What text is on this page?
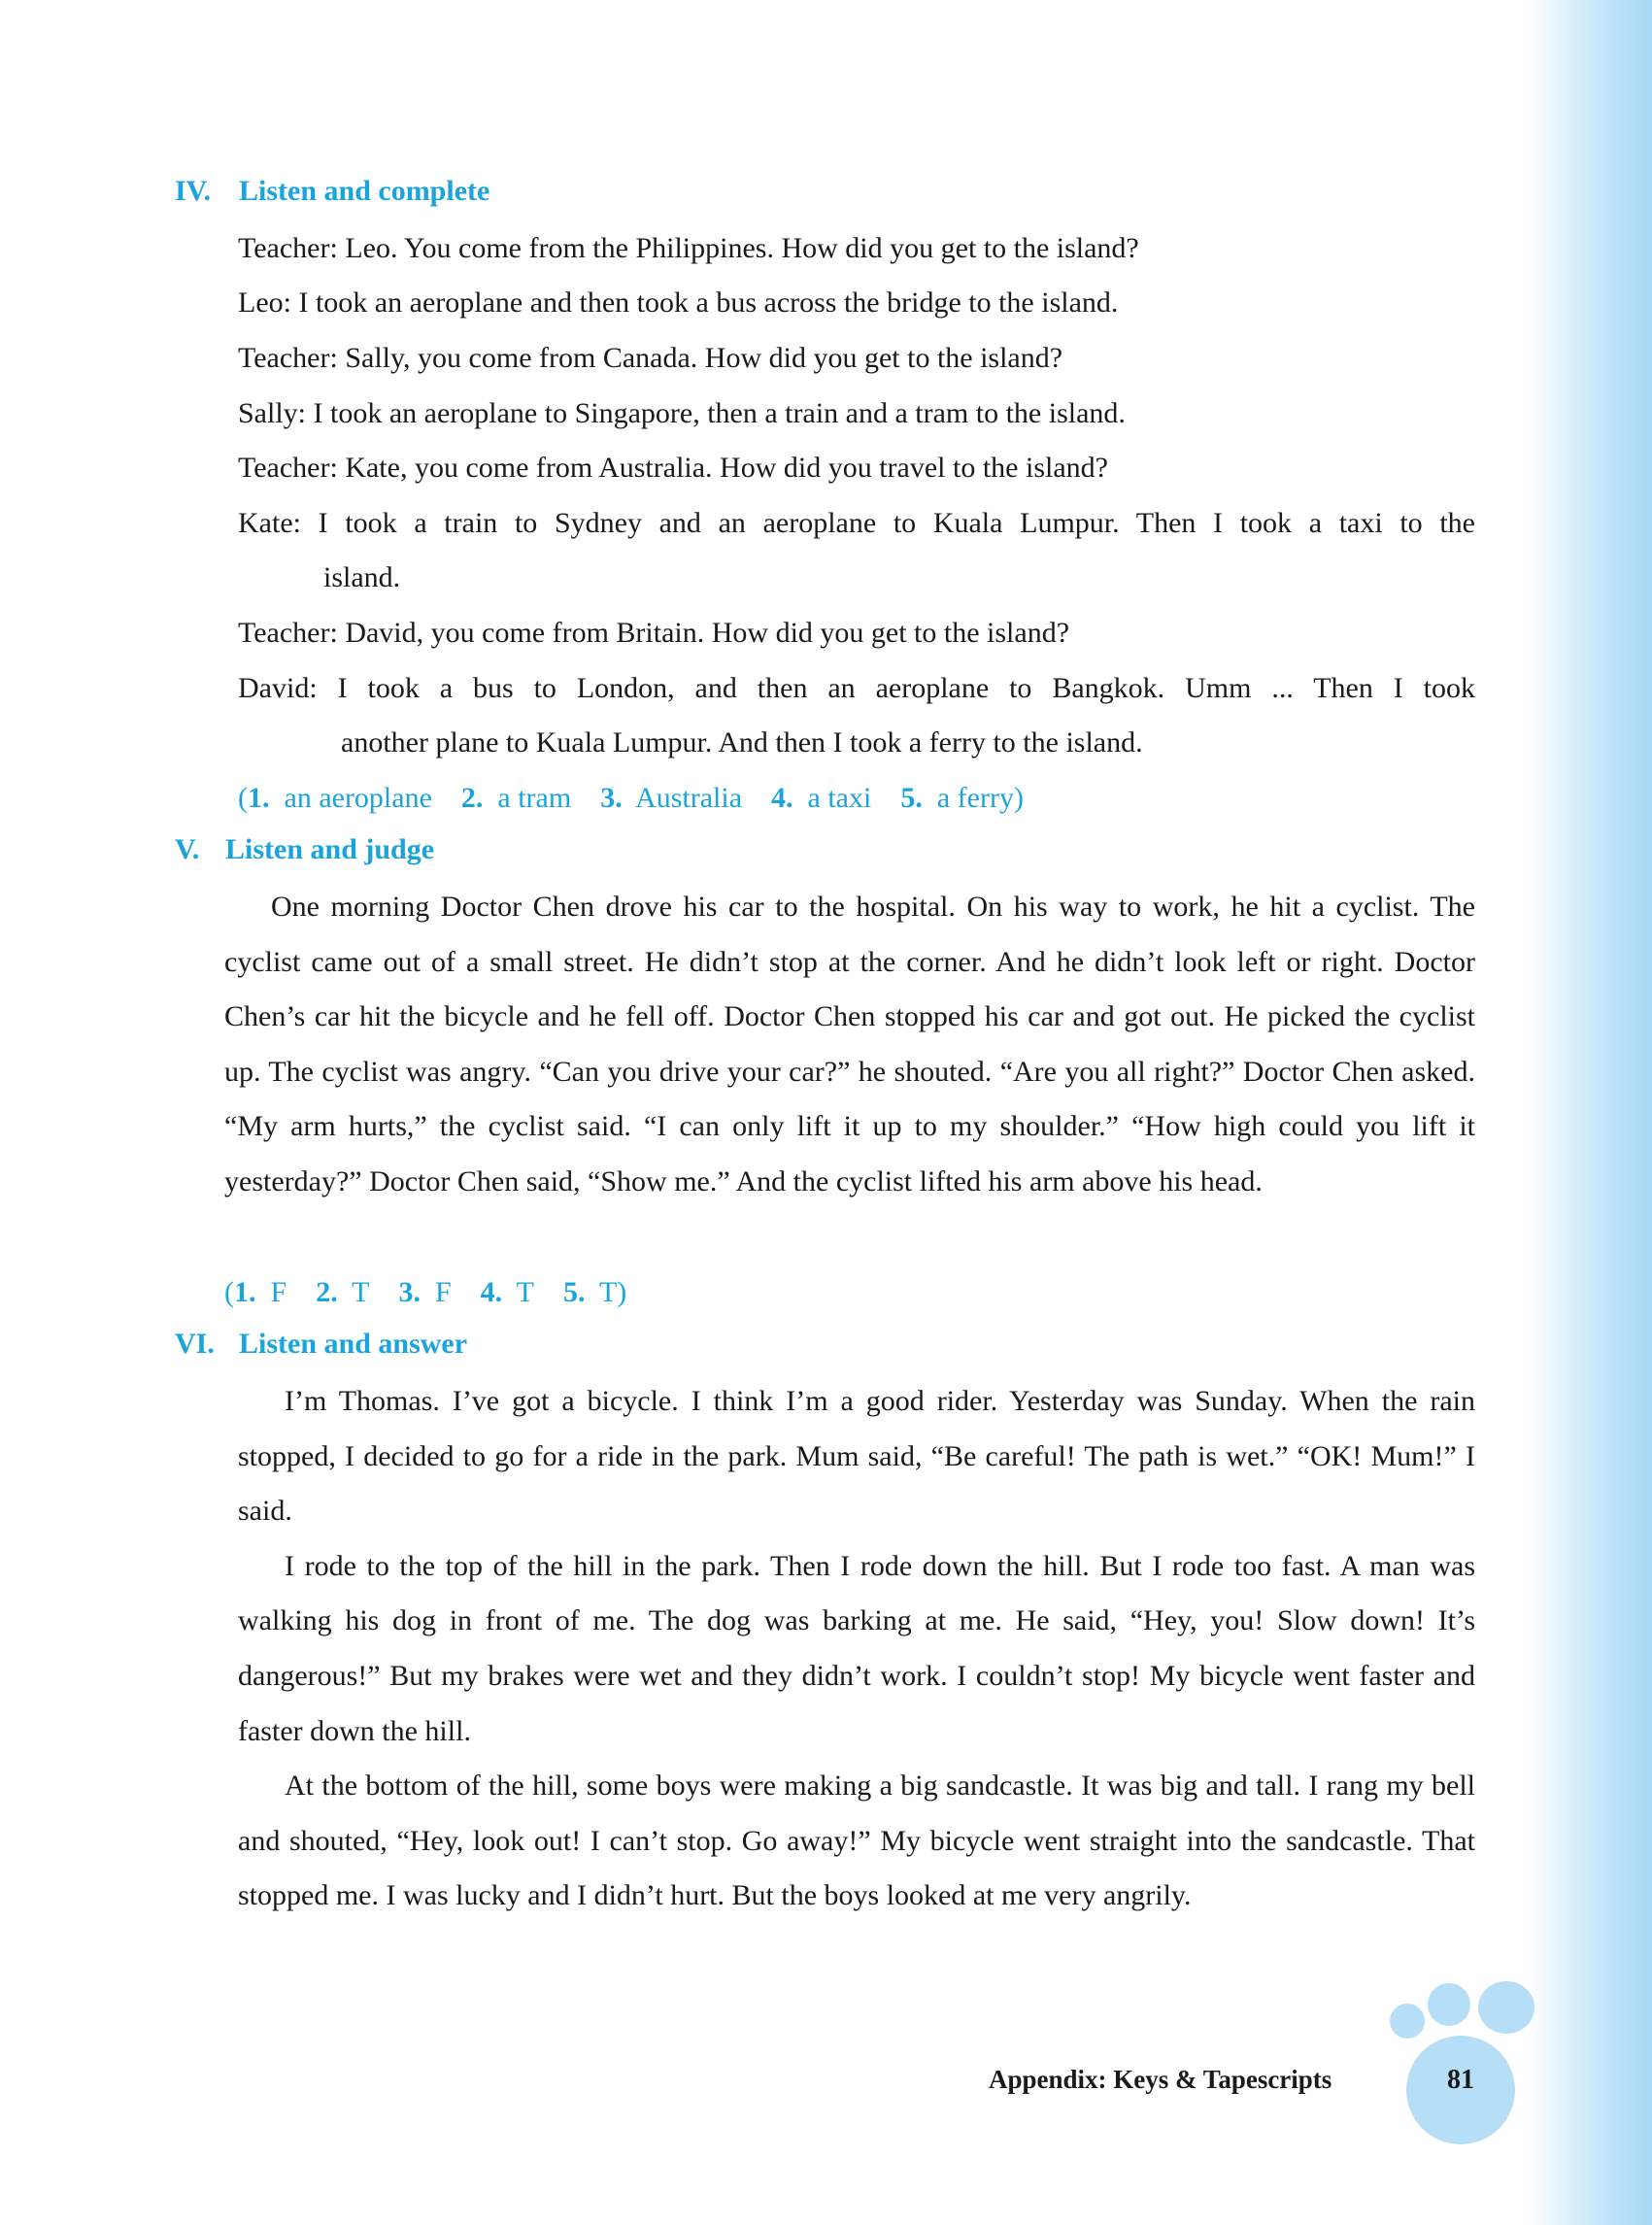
IV. Listen and complete
Teacher: Leo. You come from the Philippines. How did you get to the island?
Leo: I took an aeroplane and then took a bus across the bridge to the island.
Teacher: Sally, you come from Canada. How did you get to the island?
Sally: I took an aeroplane to Singapore, then a train and a tram to the island.
Teacher: Kate, you come from Australia. How did you travel to the island?
Kate: I took a train to Sydney and an aeroplane to Kuala Lumpur. Then I took a taxi to the
island.
Teacher: David, you come from Britain. How did you get to the island?
David: I took a bus to London, and then an aeroplane to Bangkok. Umm ... Then I took
another plane to Kuala Lumpur. And then I took a ferry to the island.
(1. an aeroplane 2. a tram 3. Australia 4. a taxi 5. a ferry)
V. Listen and judge

One morning Doctor Chen drove his car to the hospital. On his way to work, he hit a cyclist. The cyclist came out of a small street. He didn’t stop at the corner. And he didn’t look left or right. Doctor Chen’s car hit the bicycle and he fell off. Doctor Chen stopped his car and got out. He picked the cyclist up. The cyclist was angry. “Can you drive your car?” he shouted. “Are you all right?” Doctor Chen asked. “My arm hurts,” the cyclist said. “I can only lift it up to my shoulder.” “How high could you lift it yesterday?” Doctor Chen said, “Show me.” And the cyclist lifted his arm above his head.

(1. F 2. T 3. F 4. T 5. T)
VI. Listen and answer

I’m Thomas. I’ve got a bicycle. I think I’m a good rider. Yesterday was Sunday. When the rain stopped, I decided to go for a ride in the park. Mum said, “Be careful! The path is wet.” “OK! Mum!” I said.

I rode to the top of the hill in the park. Then I rode down the hill. But I rode too fast. A man was walking his dog in front of me. The dog was barking at me. He said, “Hey, you! Slow down! It’s dangerous!” But my brakes were wet and they didn’t work. I couldn’t stop! My bicycle went faster and faster down the hill.

At the bottom of the hill, some boys were making a big sandcastle. It was big and tall. I rang my bell and shouted, “Hey, look out! I can’t stop. Go away!” My bicycle went straight into the sandcastle. That stopped me. I was lucky and I didn’t hurt. But the boys looked at me very angrily.

Appendix: Keys & Tapescripts	81
